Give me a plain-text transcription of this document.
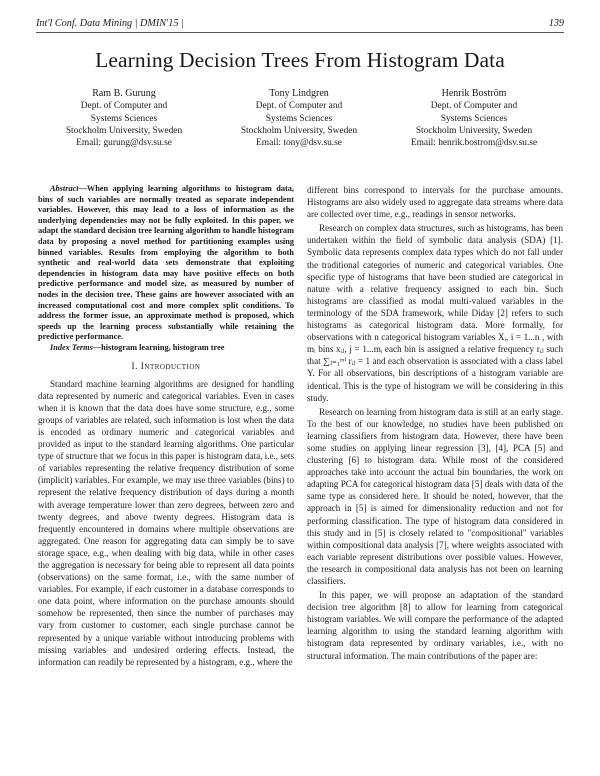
Int'l Conf. Data Mining | DMIN'15 |	139
Learning Decision Trees From Histogram Data
Ram B. Gurung
Dept. of Computer and
Systems Sciences
Stockholm University, Sweden
Email: gurung@dsv.su.se
Tony Lindgren
Dept. of Computer and
Systems Sciences
Stockholm University, Sweden
Email: tony@dsv.su.se
Henrik Boström
Dept. of Computer and
Systems Sciences
Stockholm University, Sweden
Email: henrik.bostrom@dsv.su.se

Abstract—When applying learning algorithms to histogram data, bins of such variables are normally treated as separate independent variables. However, this may lead to a loss of information as the underlying dependencies may not be fully exploited. In this paper, we adapt the standard decision tree learning algorithm to handle histogram data by proposing a novel method for partitioning examples using binned variables. Results from employing the algorithm to both synthetic and real-world data sets demonstrate that exploiting dependencies in histogram data may have positive effects on both predictive performance and model size, as measured by number of nodes in the decision tree. These gains are however associated with an increased computational cost and more complex split conditions. To address the former issue, an approximate method is proposed, which speeds up the learning process substantially while retaining the predictive performance.

Index Terms—histogram learning, histogram tree

I. Introduction

Standard machine learning algorithms are designed for handling data represented by numeric and categorical variables. Even in cases when it is known that the data does have some structure, e.g., some groups of variables are related, such information is lost when the data is encoded as ordinary numeric and categorical variables and provided as input to the standard learning algorithms. One particular type of structure that we focus in this paper is histogram data, i.e., sets of variables representing the relative frequency distribution of some (implicit) variables. For example, we may use three variables (bins) to represent the relative frequency distribution of days during a month with average temperature lower than zero degrees, between zero and twenty degrees, and above twenty degrees. Histogram data is frequently encountered in domains where multiple observations are aggregated. One reason for aggregating data can simply be to save storage space, e.g., when dealing with big data, while in other cases the aggregation is necessary for being able to represent all data points (observations) on the same format, i.e., with the same number of variables. For example, if each customer in a database corresponds to one data point, where information on the purchase amounts should somehow be represented, then since the number of purchases may vary from customer to customer, each single purchase cannot be represented by a unique variable without introducing problems with missing variables and undesired ordering effects. Instead, the information can readily be represented by a histogram, e.g., where the

different bins correspond to intervals for the purchase amounts. Histograms are also widely used to aggregate data streams where data are collected over time, e.g., readings in sensor networks.

Research on complex data structures, such as histograms, has been undertaken within the field of symbolic data analysis (SDA) [1]. Symbolic data represents complex data types which do not fall under the traditional categories of numeric and categorical variables. One specific type of histograms that have been studied are categorical in nature with a relative frequency assigned to each bin. Such histograms are classified as modal multi-valued variables in the terminology of the SDA framework, while Diday [2] refers to such histograms as categorical histogram data. More formally, for observations with n categorical histogram variables Xᵢ, i = 1...n , with mᵢ bins xᵢⱼ, j = 1...mᵢ each bin is assigned a relative frequency rᵢⱼ such that ∑ⱼ₌₁ᵐⁱ rᵢⱼ = 1 and each observation is associated with a class label Y. For all observations, bin descriptions of a histogram variable are identical. This is the type of histogram we will be considering in this study.

Research on learning from histogram data is still at an early stage. To the best of our knowledge, no studies have been published on learning classifiers from histogram data. However, there have been some studies on applying linear regression [3], [4], PCA [5] and clustering [6] to histogram data. While most of the considered approaches take into account the actual bin boundaries, the work on adapting PCA for categorical histogram data [5] deals with data of the same type as considered here. It should be noted, however, that the approach in [5] is aimed for dimensionality reduction and not for performing classification. The type of histogram data considered in this study and in [5] is closely related to "compositional" variables within compositional data analysis [7], where weights associated with each variable represent distributions over possible values. However, the research in compositional data analysis has not been on learning classifiers.

In this paper, we will propose an adaptation of the standard decision tree algorithm [8] to allow for learning from categorical histogram variables. We will compare the performance of the adapted learning algorithm to using the standard learning algorithm with histogram data represented by ordinary variables, i.e., with no structural information. The main contributions of the paper are:
